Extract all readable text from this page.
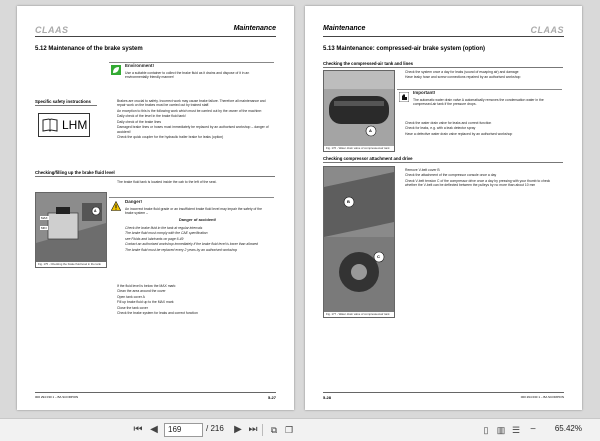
CLAAS	Maintenance
5.12 Maintenance of the brake system
Environment!
Use a suitable container to collect the brake fluid as it drains and dispose of it in an environmentally friendly manner!
Specific safety instructions
LHM

Brakes are crucial to safety. Incorrect work may cause brake failure. Therefore all maintenance and repair work on the brakes must be carried out by trained staff.

An exception to this is the following work which must be carried out by the owner of the machine:

Daily check of the level in the brake fluid tank!

Daily check of the brake lines

Damaged brake lines or hoses must immediately be replaced by an authorised workshop – danger of accident!

Check the quick coupler for the hydraulic trailer brake for leaks (option)

Checking/filling up the brake fluid level
The brake fluid tank is located inside the cab to the left of the seat.
MAX
MIN
A
Fig. 175 - Checking the brake fluid level in the tank
Danger!
An incorrect brake fluid grade or an insufficient brake fluid level may impair the safety of the brake system –
Danger of accident!

Check the brake fluid in the tank at regular intervals

The brake fluid must comply with the CAE specification

see Fluids and lubricants on page 6-49

Contact an authorised workshop immediately if the brake fluid level is lower than allowed

The brake fluid must be replaced every 2 years by an authorised workshop

If the fluid level is below the MAX mark:

Clean the area around the cover

Open tank cover A

Fill up brake fluid up to the MAX mark

Close the tank cover

Check the brake system for leaks and correct function

000 294 030 1 – BA SCORPION	5-27
Maintenance	CLAAS
5.13 Maintenance: compressed-air brake system (option)
Checking the compressed-air tank and lines
A
Fig. 176 - Water drain valve of compressed-air tank

Check the system once a day for leaks (sound of escaping air) and damage

Have leaky hose and screw connections repaired by an authorised workshop

Important!
The automatic water drain valve A automatically removes the condensation water in the compressed-air tank if the pressure drops.

Check the water drain valve for leaks and correct function

Check for leaks, e.g. with a leak detector spray

Have a defective water drain valve replaced by an authorised workshop

Checking compressor attachment and drive
B
C
Fig. 177 - Water drain valve of compressed-air tank

Remove V-belt cover B

Check the attachment of the compressor console once a day

Check V-belt tension C of the compressor drive once a day by pressing with your thumb to check whether the V-belt can be deflected between the pulleys by no more than about 10 mm

5-28	000 294 030 1 – BA SCORPION
⏮ ◀	169	/ 216 ▶ ⏭	⧉ ❐	▯ ▥ ☰	−	65.42%
